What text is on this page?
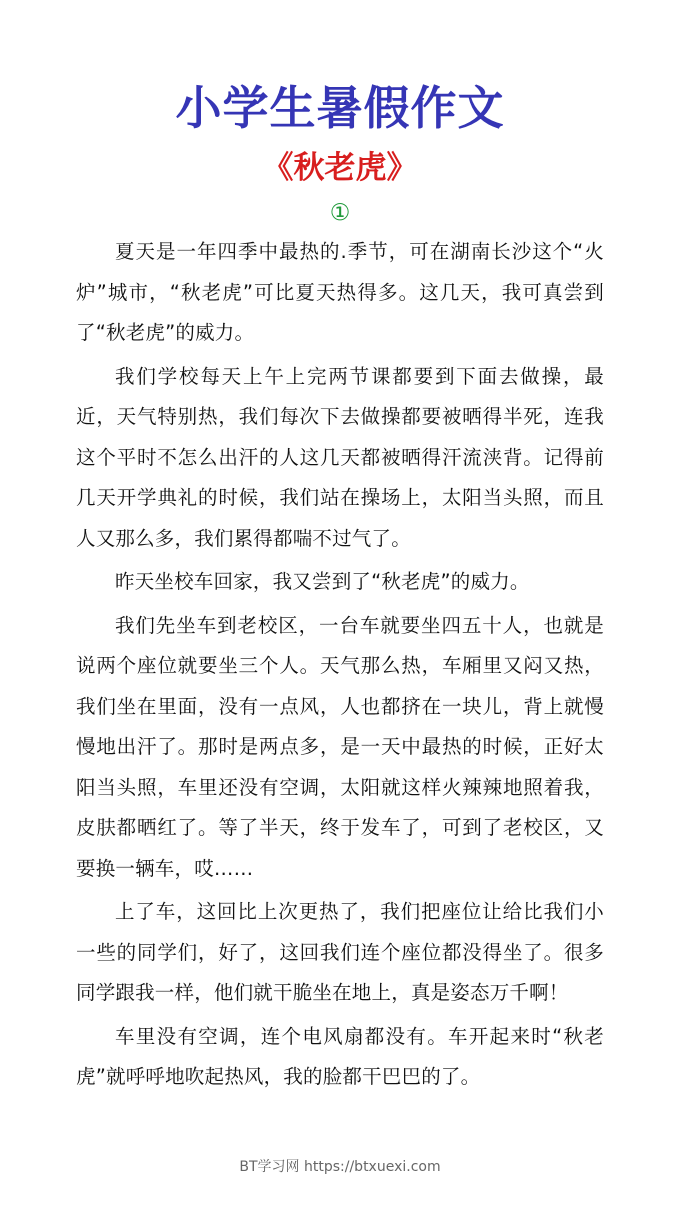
小学生暑假作文
《秋老虎》
①

夏天是一年四季中最热的.季节，可在湖南长沙这个“火炉”城市，“秋老虎”可比夏天热得多。这几天，我可真尝到了“秋老虎”的威力。

我们学校每天上午上完两节课都要到下面去做操，最近，天气特别热，我们每次下去做操都要被晒得半死，连我这个平时不怎么出汗的人这几天都被晒得汗流浃背。记得前几天开学典礼的时候，我们站在操场上，太阳当头照，而且人又那么多，我们累得都喘不过气了。

昨天坐校车回家，我又尝到了“秋老虎”的威力。

我们先坐车到老校区，一台车就要坐四五十人，也就是说两个座位就要坐三个人。天气那么热，车厢里又闷又热，我们坐在里面，没有一点风，人也都挤在一块儿，背上就慢慢地出汗了。那时是两点多，是一天中最热的时候，正好太阳当头照，车里还没有空调，太阳就这样火辣辣地照着我，皮肤都晒红了。等了半天，终于发车了，可到了老校区，又要换一辆车，哎……

上了车，这回比上次更热了，我们把座位让给比我们小一些的同学们，好了，这回我们连个座位都没得坐了。很多同学跟我一样，他们就干脆坐在地上，真是姿态万千啊！

车里没有空调，连个电风扇都没有。车开起来时“秋老虎”就呼呼地吹起热风，我的脸都干巴巴的了。

BT学习网 https://btxuexi.com
